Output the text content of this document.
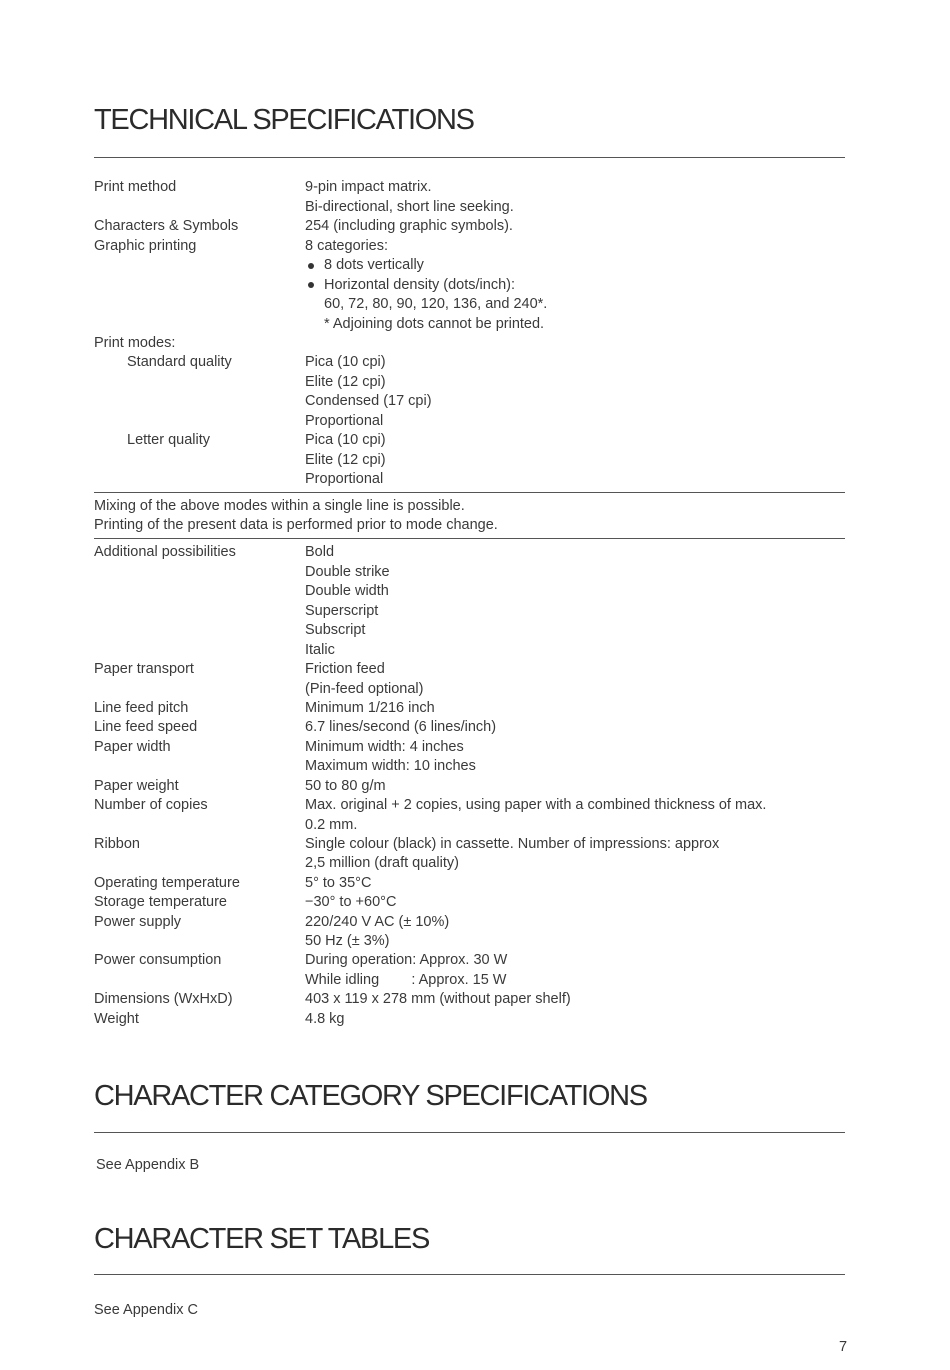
TECHNICAL SPECIFICATIONS
Print method	9-pin impact matrix.
Bi-directional, short line seeking.
Characters & Symbols	254 (including graphic symbols).
Graphic printing	8 categories:
8 dots vertically
Horizontal density (dots/inch):
60, 72, 80, 90, 120, 136, and 240*.
* Adjoining dots cannot be printed.
Print modes:
Standard quality	Pica (10 cpi)
Elite (12 cpi)
Condensed (17 cpi)
Proportional
Letter quality	Pica (10 cpi)
Elite (12 cpi)
Proportional
Mixing of the above modes within a single line is possible.
Printing of the present data is performed prior to mode change.
Additional possibilities	Bold
Double strike
Double width
Superscript
Subscript
Italic
Paper transport	Friction feed
(Pin-feed optional)
Line feed pitch	Minimum 1/216 inch
Line feed speed	6.7 lines/second (6 lines/inch)
Paper width	Minimum width: 4 inches
Maximum width: 10 inches
Paper weight	50 to 80 g/m
Number of copies	Max. original + 2 copies, using paper with a combined thickness of max.
0.2 mm.
Ribbon	Single colour (black) in cassette. Number of impressions: approx
2,5 million (draft quality)
Operating temperature	5° to 35°C
Storage temperature	−30° to +60°C
Power supply	220/240 V AC (± 10%)
50 Hz (± 3%)
Power consumption	During operation: Approx. 30 W
While idling        : Approx. 15 W
Dimensions (WxHxD)	403 x 119 x 278 mm (without paper shelf)
Weight	4.8 kg
CHARACTER CATEGORY SPECIFICATIONS
See Appendix B
CHARACTER SET TABLES
See Appendix C
7
